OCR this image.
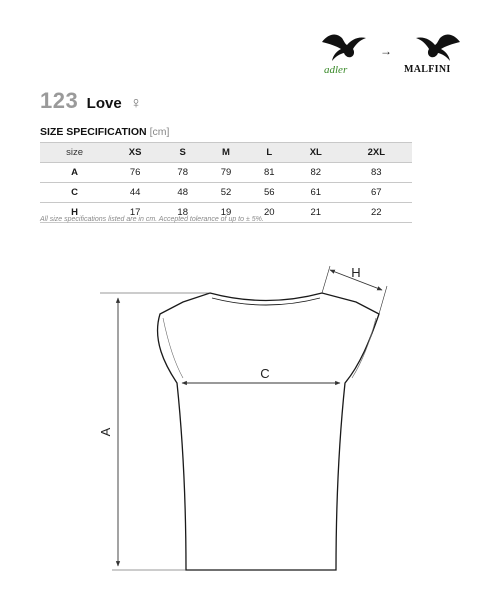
adler
→
MALFINI
123 Love ♀
SIZE SPECIFICATION [cm]
size	XS	S	M	L	XL	2XL
A	76	78	79	81	82	83
C	44	48	52	56	61	67
H	17	18	19	20	21	22
All size specifications listed are in cm. Accepted tolerance of up to ± 5%.
A
C
H
